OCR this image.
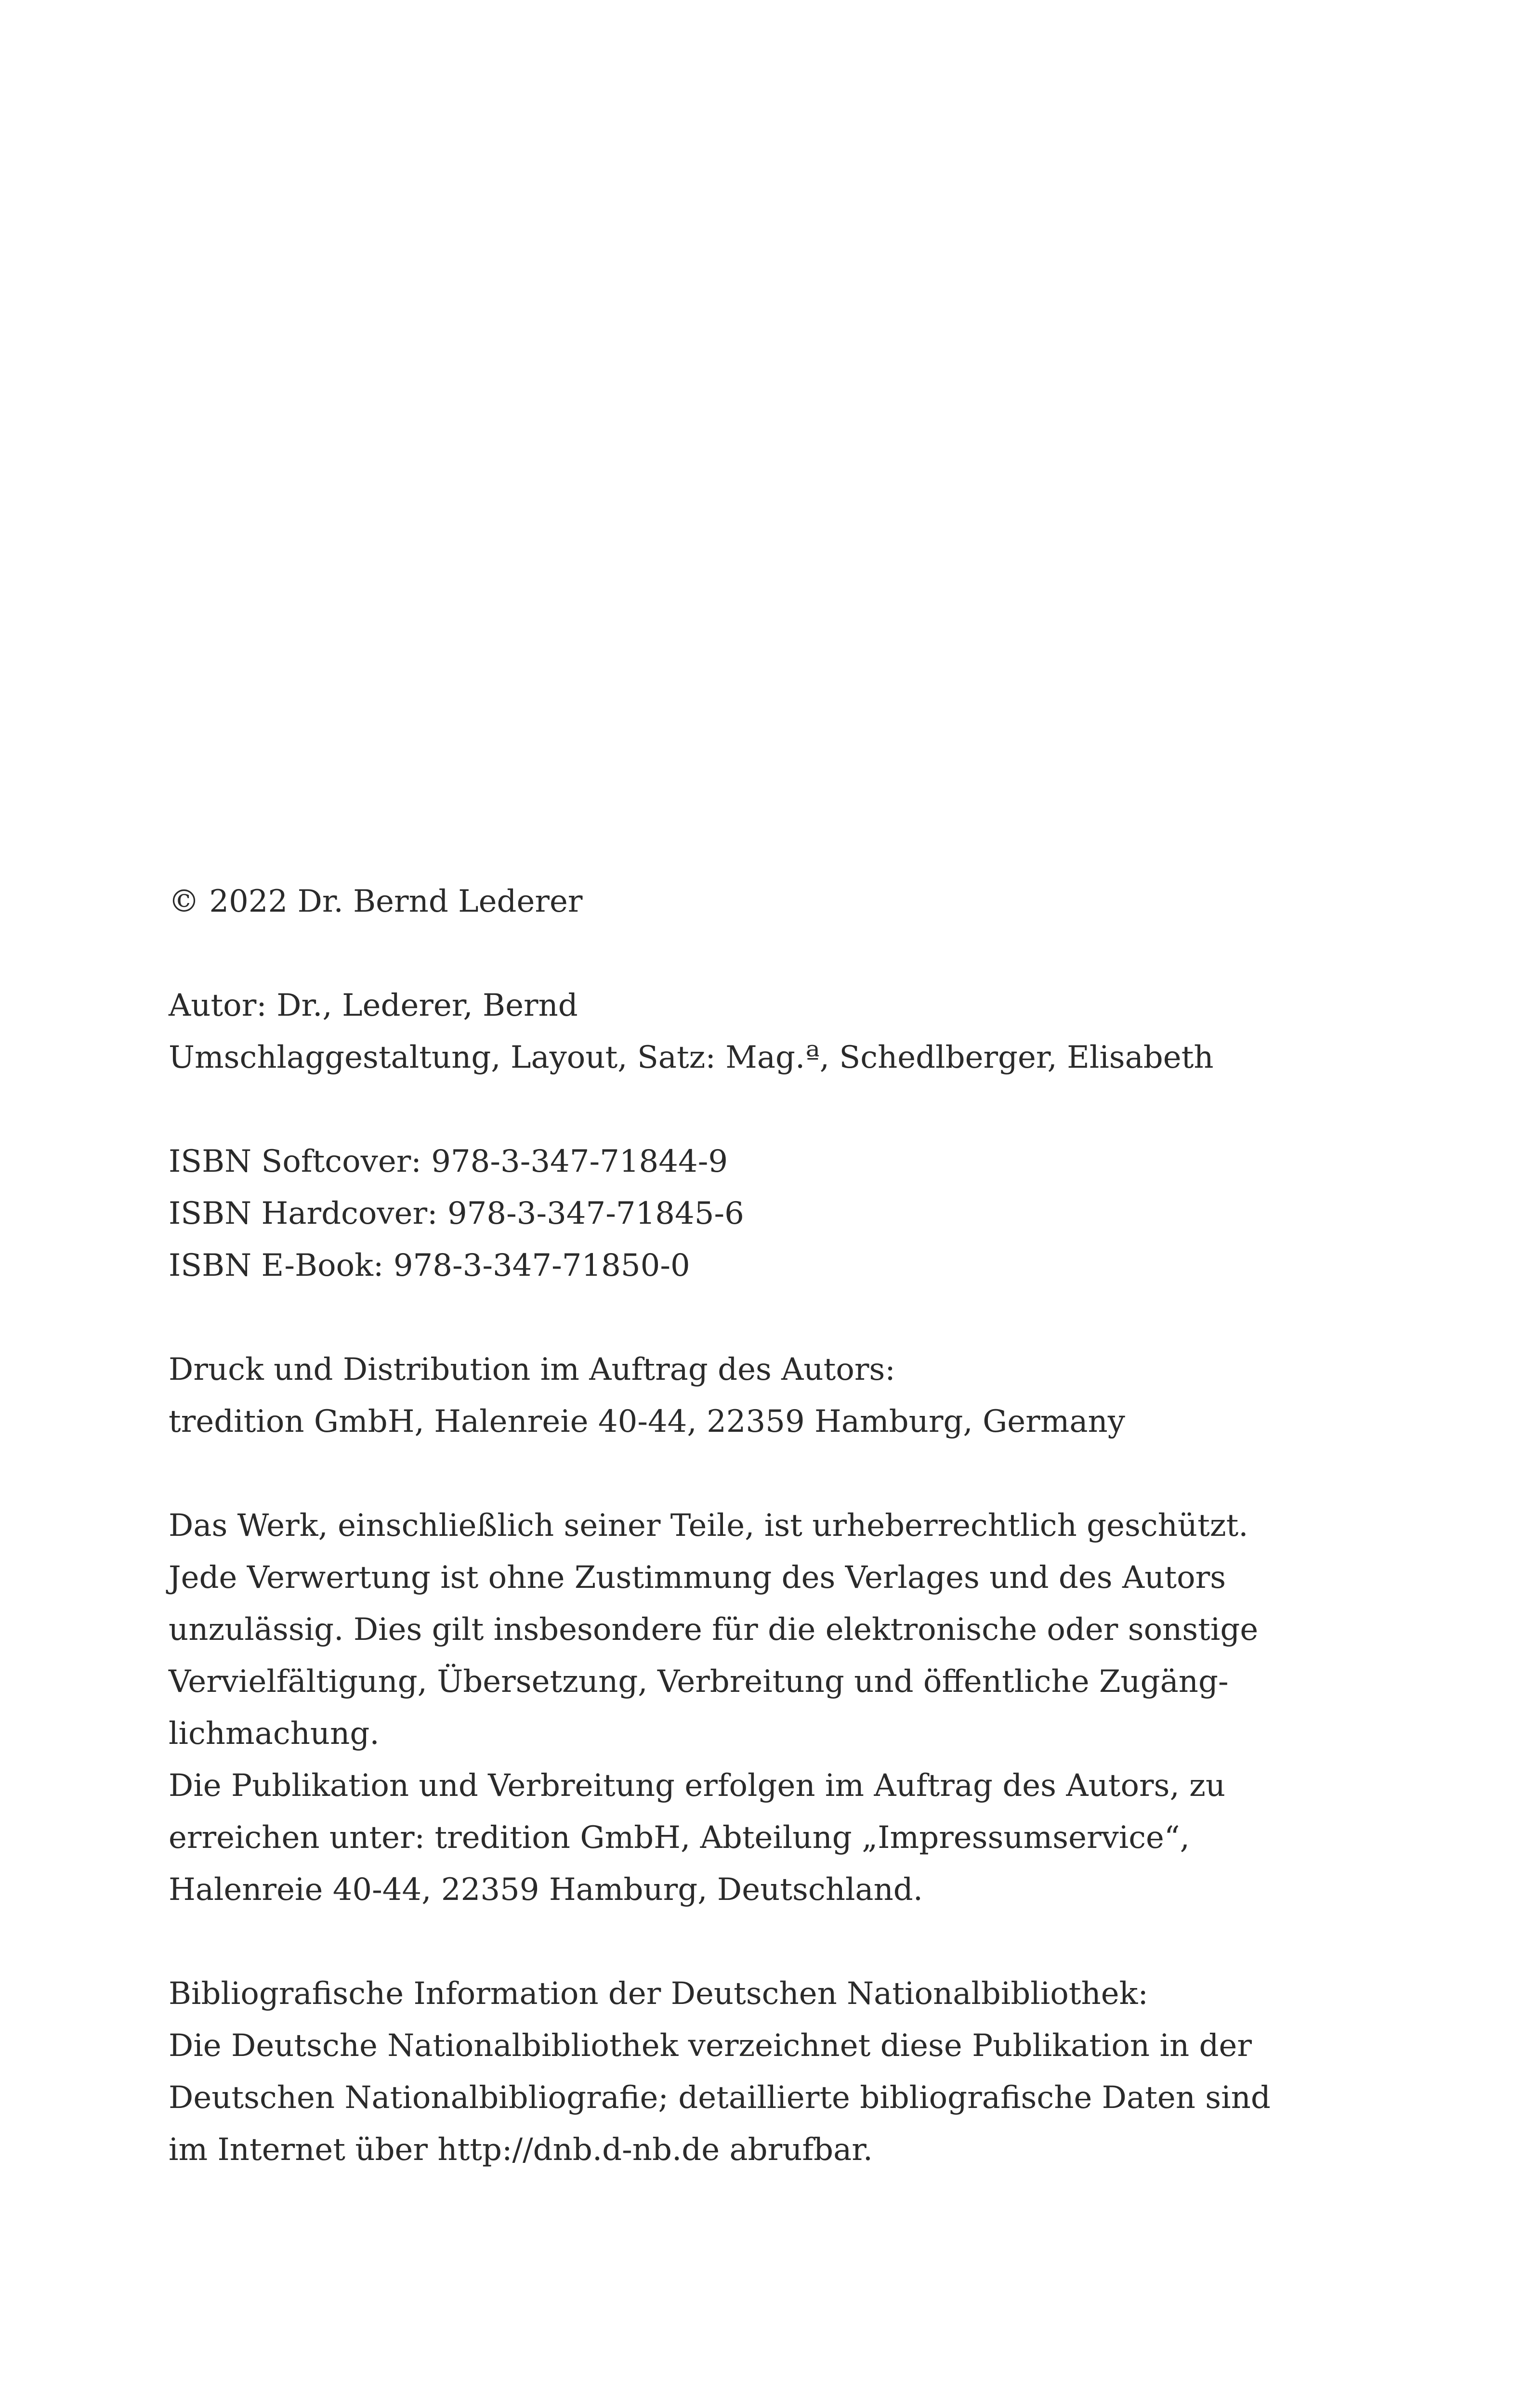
© 2022 Dr. Bernd Lederer

Autor: Dr., Lederer, Bernd

Umschlaggestaltung, Layout, Satz: Mag.ª, Schedlberger, Elisabeth

ISBN Softcover: 978-3-347-71844-9

ISBN Hardcover: 978-3-347-71845-6

ISBN E-Book: 978-3-347-71850-0

Druck und Distribution im Auftrag des Autors:

tredition GmbH, Halenreie 40-44, 22359 Hamburg, Germany

Das Werk, einschließlich seiner Teile, ist urheberrechtlich geschützt.

Jede Verwertung ist ohne Zustimmung des Verlages und des Autors

unzulässig. Dies gilt insbesondere für die elektronische oder sonstige

Vervielfältigung, Übersetzung, Verbreitung und öffentliche Zugäng-

lichmachung.

Die Publikation und Verbreitung erfolgen im Auftrag des Autors, zu

erreichen unter: tredition GmbH, Abteilung „Impressumservice“,

Halenreie 40-44, 22359 Hamburg, Deutschland.

Bibliografische Information der Deutschen Nationalbibliothek:

Die Deutsche Nationalbibliothek verzeichnet diese Publikation in der

Deutschen Nationalbibliografie; detaillierte bibliografische Daten sind

im Internet über http://dnb.d-nb.de abrufbar.
